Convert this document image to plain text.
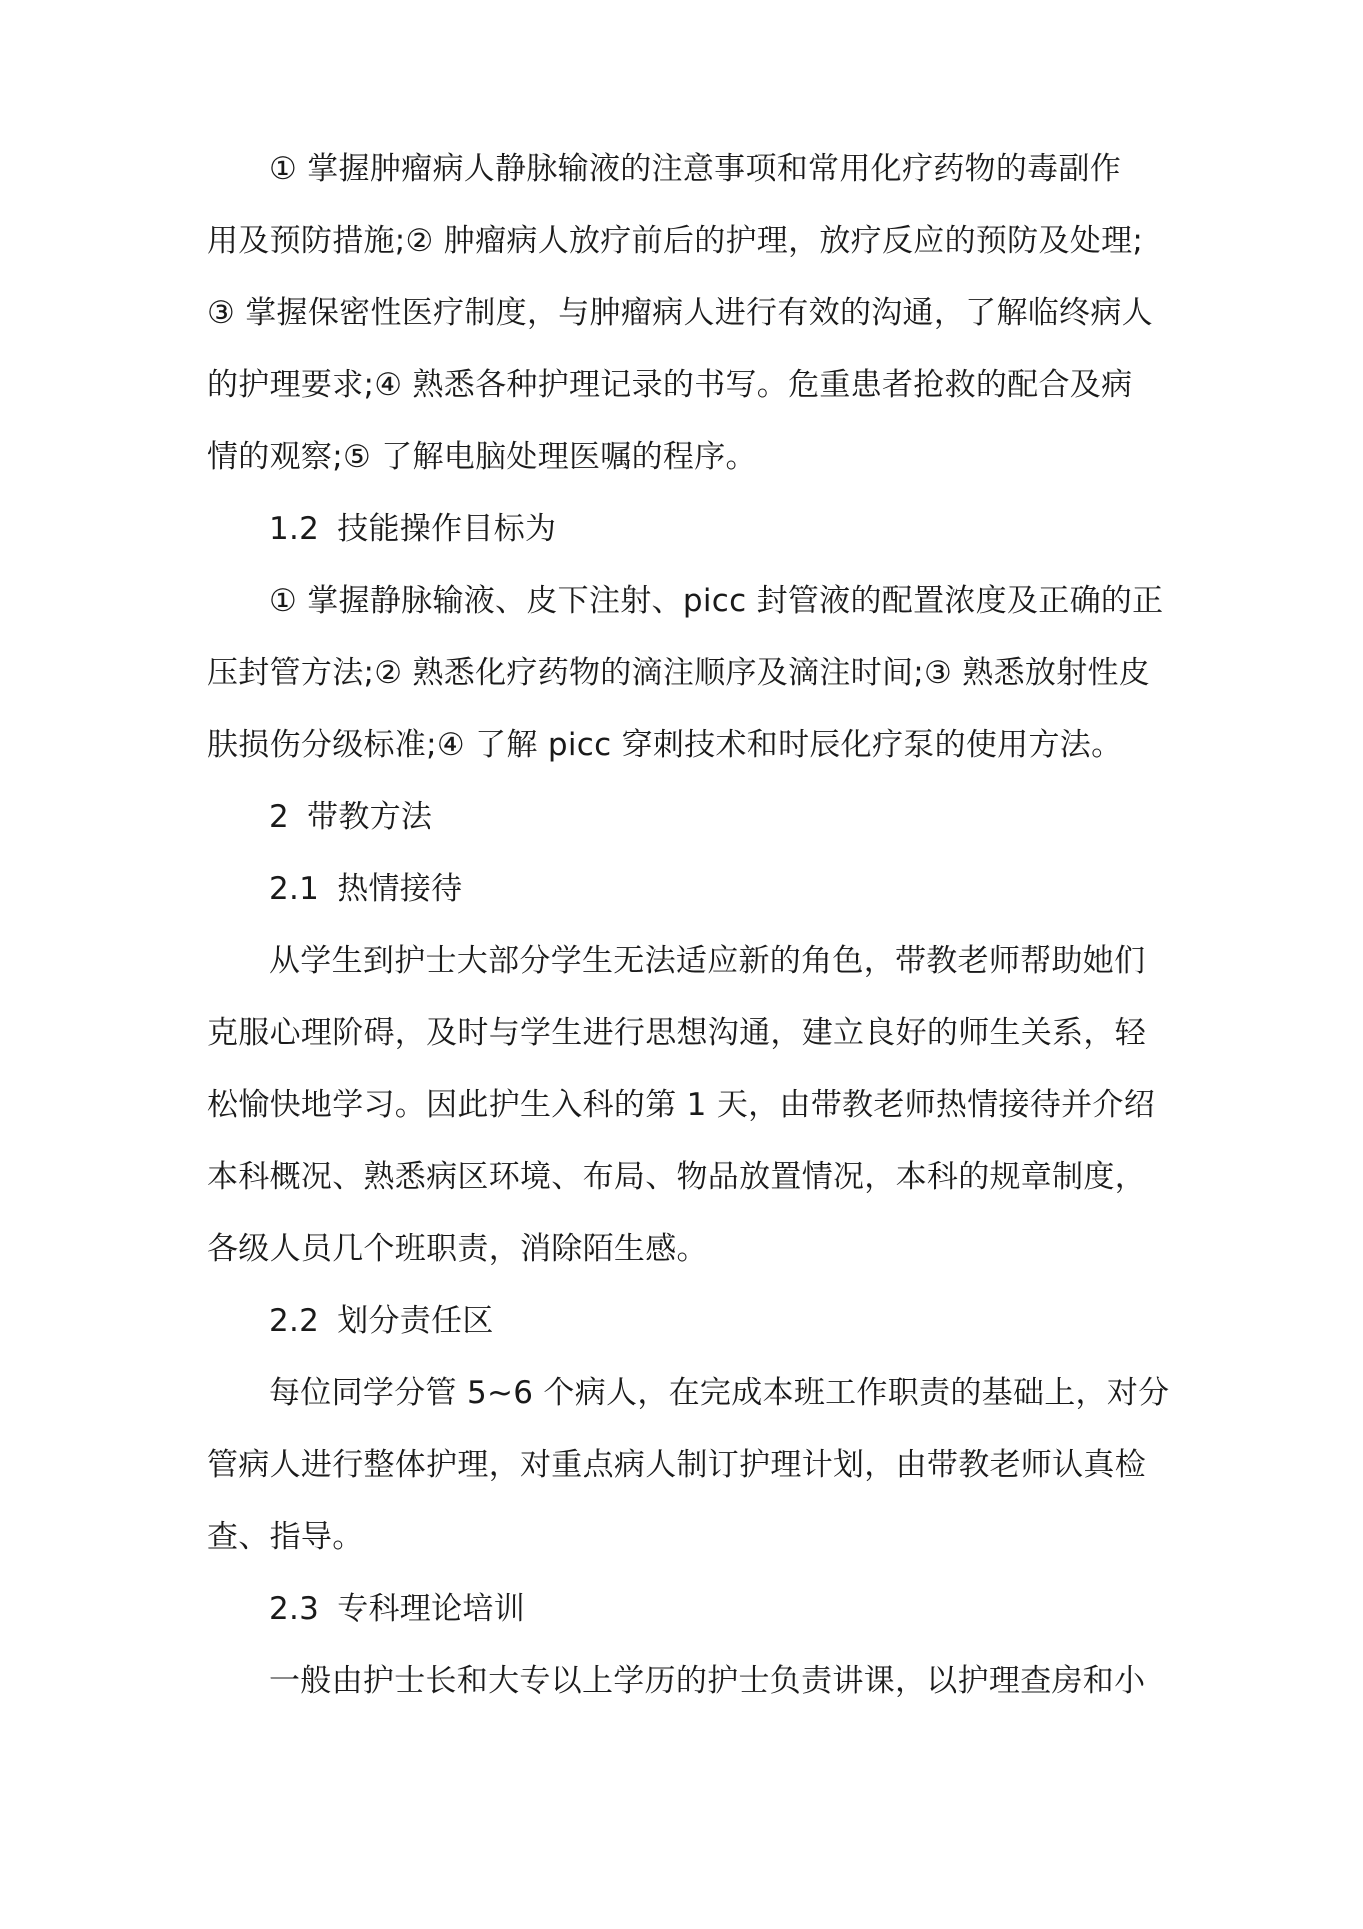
① 掌握肿瘤病人静脉输液的注意事项和常用化疗药物的毒副作
用及预防措施;② 肿瘤病人放疗前后的护理，放疗反应的预防及处理;
③ 掌握保密性医疗制度，与肿瘤病人进行有效的沟通，了解临终病人
的护理要求;④ 熟悉各种护理记录的书写。危重患者抢救的配合及病
情的观察;⑤ 了解电脑处理医嘱的程序。
1.2 技能操作目标为
① 掌握静脉输液、皮下注射、picc 封管液的配置浓度及正确的正
压封管方法;② 熟悉化疗药物的滴注顺序及滴注时间;③ 熟悉放射性皮
肤损伤分级标准;④ 了解 picc 穿刺技术和时辰化疗泵的使用方法。
2 带教方法
2.1 热情接待
从学生到护士大部分学生无法适应新的角色，带教老师帮助她们
克服心理阶碍，及时与学生进行思想沟通，建立良好的师生关系，轻
松愉快地学习。因此护生入科的第 1 天，由带教老师热情接待并介绍
本科概况、熟悉病区环境、布局、物品放置情况，本科的规章制度，
各级人员几个班职责，消除陌生感。
2.2 划分责任区
每位同学分管 5~6 个病人，在完成本班工作职责的基础上，对分
管病人进行整体护理，对重点病人制订护理计划，由带教老师认真检
查、指导。
2.3 专科理论培训
一般由护士长和大专以上学历的护士负责讲课，以护理查房和小
